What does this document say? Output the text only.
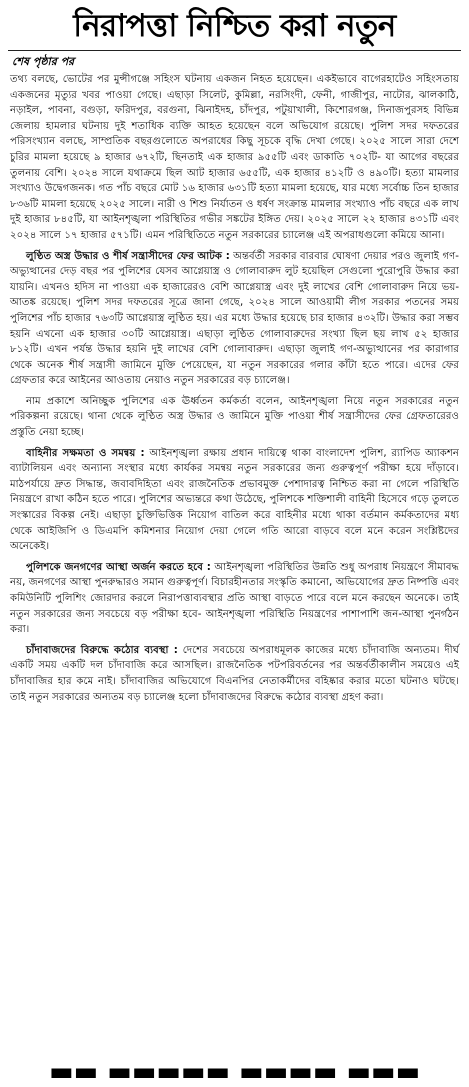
নিরাপত্তা নিশ্চিত করা নতুন
শেষ পৃষ্ঠার পর

তথ্য বলছে, ভোটের পর মুন্সীগঞ্জে সহিংস ঘটনায় একজন নিহত হয়েছেন। একইভাবে বাগেরহাটেও সহিংসতায় একজনের মৃত্যুর খবর পাওয়া গেছে। এছাড়া সিলেট, কুমিল্লা, নরসিংদী, ফেনী, গাজীপুর, নাটোর, ঝালকাঠি, নড়াইল, পাবনা, বগুড়া, ফরিদপুর, বরগুনা, ঝিনাইদহ, চাঁদপুর, পটুয়াখালী, কিশোরগঞ্জ, দিনাজপুরসহ বিভিন্ন জেলায় হামলার ঘটনায় দুই শতাধিক ব্যক্তি আহত হয়েছেন বলে অভিযোগ রয়েছে। পুলিশ সদর দফতরের পরিসংখ্যান বলছে, সাম্প্রতিক বছরগুলোতে অপরাধের কিছু সূচকে বৃদ্ধি দেখা গেছে। ২০২৫ সালে সারা দেশে চুরির মামলা হয়েছে ৯ হাজার ৬৭২টি, ছিনতাই এক হাজার ৯৫৫টি এবং ডাকাতি ৭০২টি- যা আগের বছরের তুলনায় বেশি। ২০২৪ সালে যথাক্রমে ছিল আট হাজার ৬৫৫টি, এক হাজার ৪১২টি ও ৪৯০টি। হত্যা মামলার সংখ্যাও উদ্বেগজনক। গত পাঁচ বছরে মোট ১৬ হাজার ৬৩১টি হত্যা মামলা হয়েছে, যার মধ্যে সর্বোচ্চ তিন হাজার ৮৩৬টি মামলা হয়েছে ২০২৫ সালে। নারী ও শিশু নির্যাতন ও ধর্ষণ সংক্রান্ত মামলার সংখ্যাও পাঁচ বছরে এক লাখ দুই হাজার ৮৪৫টি, যা আইনশৃঙ্খলা পরিস্থিতির গভীর সঙ্কটের ইঙ্গিত দেয়। ২০২৫ সালে ২২ হাজার ৪৩১টি এবং ২০২৪ সালে ১৭ হাজার ৫৭১টি। এমন পরিস্থিতিতে নতুন সরকারের চ্যালেঞ্জ এই অপরাধগুলো কমিয়ে আনা।

লুণ্ঠিত অস্ত্র উদ্ধার ও শীর্ষ সন্ত্রাসীদের ফের আটক : অন্তর্বর্তী সরকার বারবার ঘোষণা দেয়ার পরও জুলাই গণ-অভ্যুত্থানের দেড় বছর পর পুলিশের যেসব আগ্নেয়াস্ত্র ও গোলাবারুদ লুট হয়েছিল সেগুলো পুরোপুরি উদ্ধার করা যায়নি। এখনও হদিস না পাওয়া এক হাজারেরও বেশি আগ্নেয়াস্ত্র এবং দুই লাখের বেশি গোলাবারুদ নিয়ে ভয়-আতঙ্ক রয়েছে। পুলিশ সদর দফতরের সূত্রে জানা গেছে, ২০২৪ সালে আওয়ামী লীগ সরকার পতনের সময় পুলিশের পাঁচ হাজার ৭৬৩টি আগ্নেয়াস্ত্র লুণ্ঠিত হয়। এর মধ্যে উদ্ধার হয়েছে চার হাজার ৪৩২টি। উদ্ধার করা সম্ভব হয়নি এখনো এক হাজার ৩০টি আগ্নেয়াস্ত্র। এছাড়া লুণ্ঠিত গোলাবারুদের সংখ্যা ছিল ছয় লাখ ৫২ হাজার ৮১২টি। এখন পর্যন্ত উদ্ধার হয়নি দুই লাখের বেশি গোলাবারুদ। এছাড়া জুলাই গণ-অভ্যুত্থানের পর কারাগার থেকে অনেক শীর্ষ সন্ত্রাসী জামিনে মুক্তি পেয়েছেন, যা নতুন সরকারের গলার কাঁটা হতে পারে। এদের ফের গ্রেফতার করে আইনের আওতায় নেয়াও নতুন সরকারের বড় চ্যালেঞ্জ।

নাম প্রকাশে অনিচ্ছুক পুলিশের এক ঊর্ধ্বতন কর্মকর্তা বলেন, আইনশৃঙ্খলা নিয়ে নতুন সরকারের নতুন পরিকল্পনা রয়েছে। থানা থেকে লুণ্ঠিত অস্ত্র উদ্ধার ও জামিনে মুক্তি পাওয়া শীর্ষ সন্ত্রাসীদের ফের গ্রেফতারেরও প্রস্তুতি নেয়া হচ্ছে।

বাহিনীর সক্ষমতা ও সমন্বয় : আইনশৃঙ্খলা রক্ষায় প্রধান দায়িত্বে থাকা বাংলাদেশ পুলিশ, র‌্যাপিড অ্যাকশন ব্যাটালিয়ন এবং অন্যান্য সংস্থার মধ্যে কার্যকর সমন্বয় নতুন সরকারের জন্য গুরুত্বপূর্ণ পরীক্ষা হয়ে দাঁড়াবে। মাঠপর্যায়ে দ্রুত সিদ্ধান্ত, জবাবদিহিতা এবং রাজনৈতিক প্রভাবমুক্ত পেশাদারত্ব নিশ্চিত করা না গেলে পরিস্থিতি নিয়ন্ত্রণে রাখা কঠিন হতে পারে। পুলিশের অভ্যন্তরে কথা উঠেছে, পুলিশকে শক্তিশালী বাহিনী হিসেবে গড়ে তুলতে সংস্কারের বিকল্প নেই। এছাড়া চুক্তিভিত্তিক নিয়োগ বাতিল করে বাহিনীর মধ্যে থাকা বর্তমান কর্মকতাদের মধ্য থেকে আইজিপি ও ডিএমপি কমিশনার নিয়োগ দেয়া গেলে গতি আরো বাড়বে বলে মনে করেন সংশ্লিষ্টদের অনেকেই।

পুলিশকে জনগণের আস্থা অর্জন করতে হবে : আইনশৃঙ্খলা পরিস্থিতির উন্নতি শুধু অপরাধ নিয়ন্ত্রণে সীমাবদ্ধ নয়, জনগণের আস্থা পুনরুদ্ধারও সমান গুরুত্বপূর্ণ। বিচারহীনতার সংস্কৃতি কমানো, অভিযোগের দ্রুত নিষ্পত্তি এবং কমিউনিটি পুলিশিং জোরদার করলে নিরাপত্তাব্যবস্থার প্রতি আস্থা বাড়তে পারে বলে মনে করছেন অনেকে। তাই নতুন সরকারের জন্য সবচেয়ে বড় পরীক্ষা হবে- আইনশৃঙ্খলা পরিস্থিতি নিয়ন্ত্রণের পাশাপাশি জন-আস্থা পুনর্গঠন করা।

চাঁদাবাজদের বিরুদ্ধে কঠোর ব্যবস্থা : দেশের সবচেয়ে অপরাধমূলক কাজের মধ্যে চাঁদাবাজি অন্যতম। দীর্ঘ একটি সময় একটি দল চাঁদাবাজি করে আসছিল। রাজনৈতিক পটপরিবর্তনের পর অন্তর্বর্তীকালীন সময়েও এই চাঁদাবাজির হার কমে নাই। চাঁদাবাজির অভিযোগে বিএনপির নেতাকর্মীদের বহিষ্কার করার মতো ঘটনাও ঘটছে। তাই নতুন সরকারের অন্যতম বড় চ্যালেঞ্জ হলো চাঁদাবাজদের বিরুদ্ধে কঠোর ব্যবস্থা গ্রহণ করা।

▬▬ ▬▬▬▬▬ ▬▬▬▬ ▬▬▬
